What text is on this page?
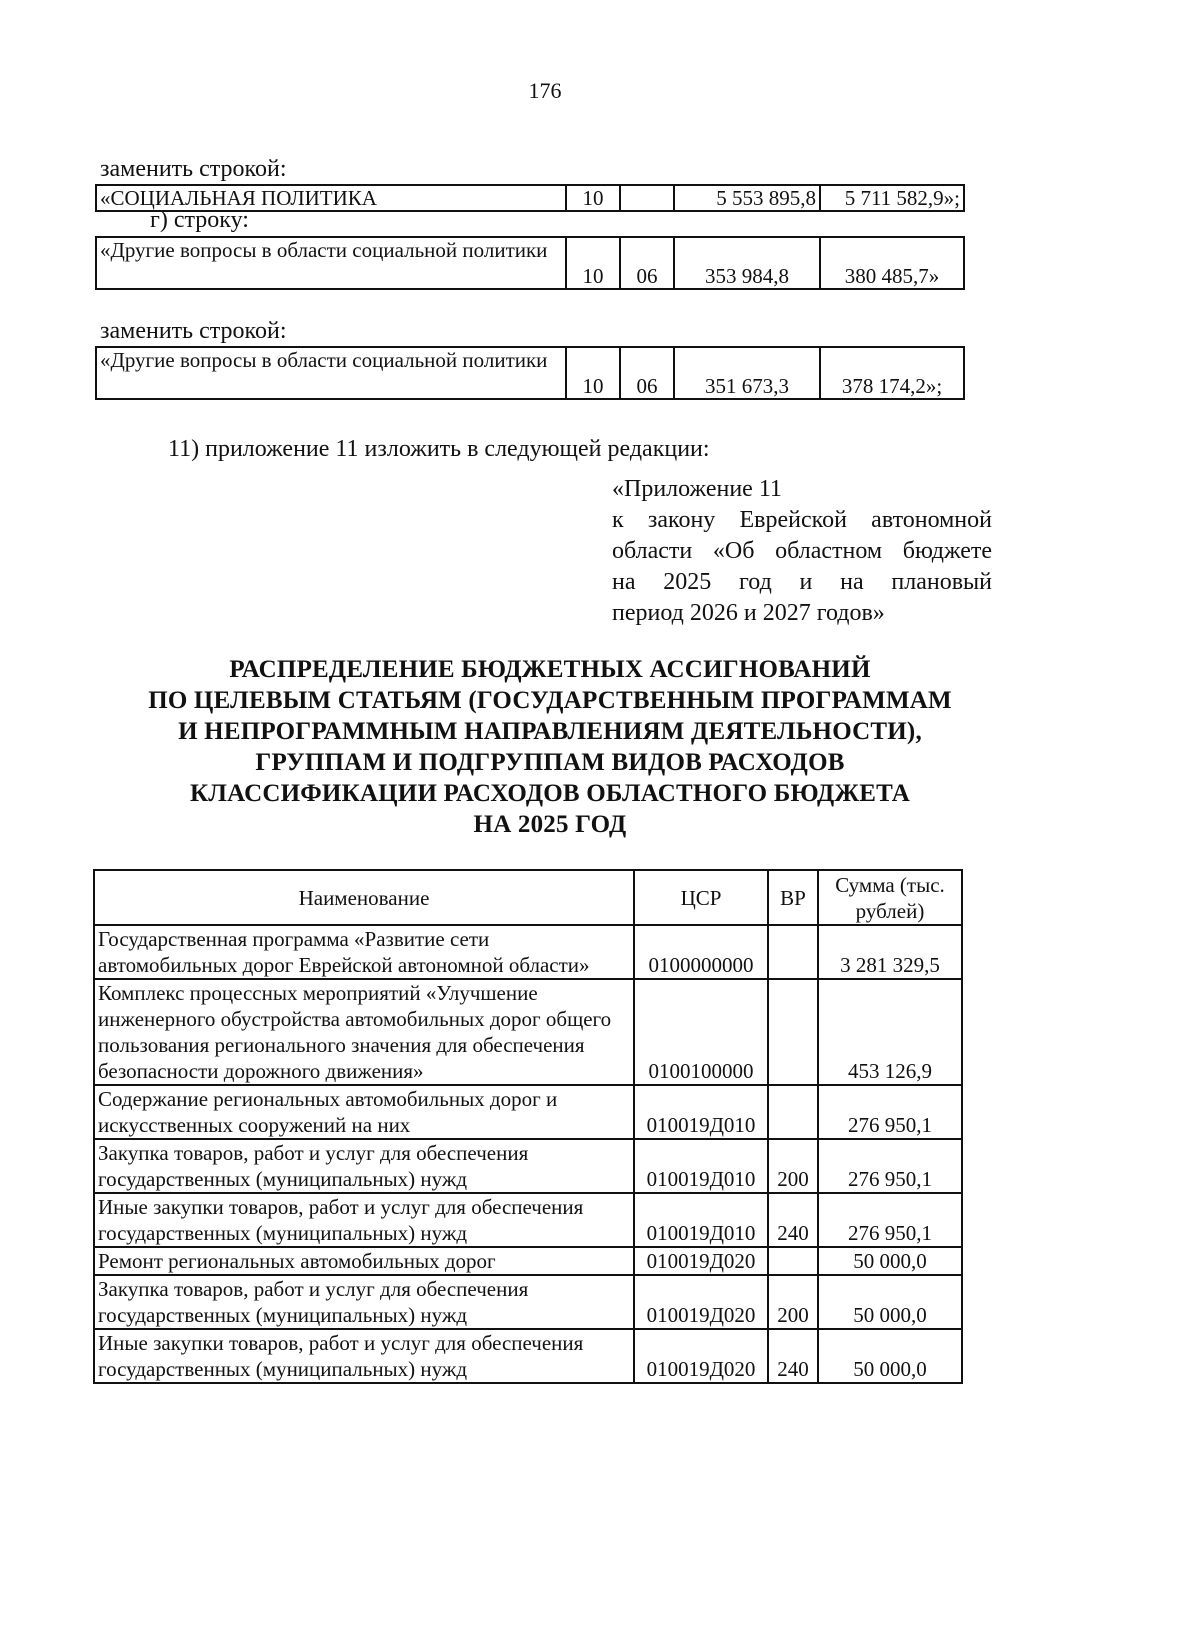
176
заменить строкой:
«СОЦИАЛЬНАЯ ПОЛИТИКА	10		5 553 895,8	5 711 582,9»;
г) строку:
«Другие вопросы в области социальной политики	10	06	353 984,8	380 485,7»
заменить строкой:
«Другие вопросы в области социальной политики	10	06	351 673,3	378 174,2»;
11) приложение 11 изложить в следующей редакции:
«Приложение 11
к закону Еврейской автономной
области «Об областном бюджете
на 2025 год и на плановый
период 2026 и 2027 годов»
РАСПРЕДЕЛЕНИЕ БЮДЖЕТНЫХ АССИГНОВАНИЙ
ПО ЦЕЛЕВЫМ СТАТЬЯМ (ГОСУДАРСТВЕННЫМ ПРОГРАММАМ
И НЕПРОГРАММНЫМ НАПРАВЛЕНИЯМ ДЕЯТЕЛЬНОСТИ),
ГРУППАМ И ПОДГРУППАМ ВИДОВ РАСХОДОВ
КЛАССИФИКАЦИИ РАСХОДОВ ОБЛАСТНОГО БЮДЖЕТА
НА 2025 ГОД
Наименование	ЦСР	ВР	Сумма (тыс. рублей)
Государственная программа «Развитие сети автомобильных дорог Еврейской автономной области»	0100000000		3 281 329,5
Комплекс процессных мероприятий «Улучшение инженерного обустройства автомобильных дорог общего пользования регионального значения для обеспечения безопасности дорожного движения»	0100100000		453 126,9
Содержание региональных автомобильных дорог и искусственных сооружений на них	010019Д010		276 950,1
Закупка товаров, работ и услуг для обеспечения государственных (муниципальных) нужд	010019Д010	200	276 950,1
Иные закупки товаров, работ и услуг для обеспечения государственных (муниципальных) нужд	010019Д010	240	276 950,1
Ремонт региональных автомобильных дорог	010019Д020		50 000,0
Закупка товаров, работ и услуг для обеспечения государственных (муниципальных) нужд	010019Д020	200	50 000,0
Иные закупки товаров, работ и услуг для обеспечения государственных (муниципальных) нужд	010019Д020	240	50 000,0
